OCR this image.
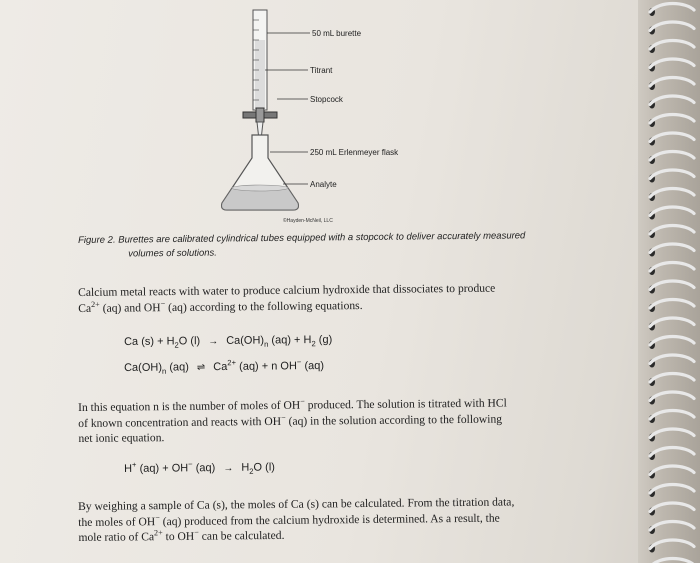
50 mL burette
Titrant
Stopcock
250 mL Erlenmeyer flask
Analyte
©Hayden-McNeil, LLC
Figure 2. Burettes are calibrated cylindrical tubes equipped with a stopcock to deliver accurately measured
volumes of solutions.
Calcium metal reacts with water to produce calcium hydroxide that dissociates to produce
$Ca^{2+}$ (aq) and OH− (aq) according to the following equations.
Ca $(s) + H_2O$ $(l) \to Ca(OH)_n$ $(aq) + H_2$ (g)
$Ca(OH)_n$ (aq) ⇌ $Ca^{2+}$ (aq) + n OH− (aq)
In this equation n is the number of moles of OH− produced. The solution is titrated with HCl
of known concentration and reacts with OH− (aq) in the solution according to the following
net ionic equation.
H+ (aq) + OH− $(aq) \to H_2O$ (l)
By weighing a sample of Ca (s), the moles of Ca (s) can be calculated. From the titration data,
the moles of OH− (aq) produced from the calcium hydroxide is determined. As a result, the
mole ratio of $Ca^{2+}$ to OH− can be calculated.
